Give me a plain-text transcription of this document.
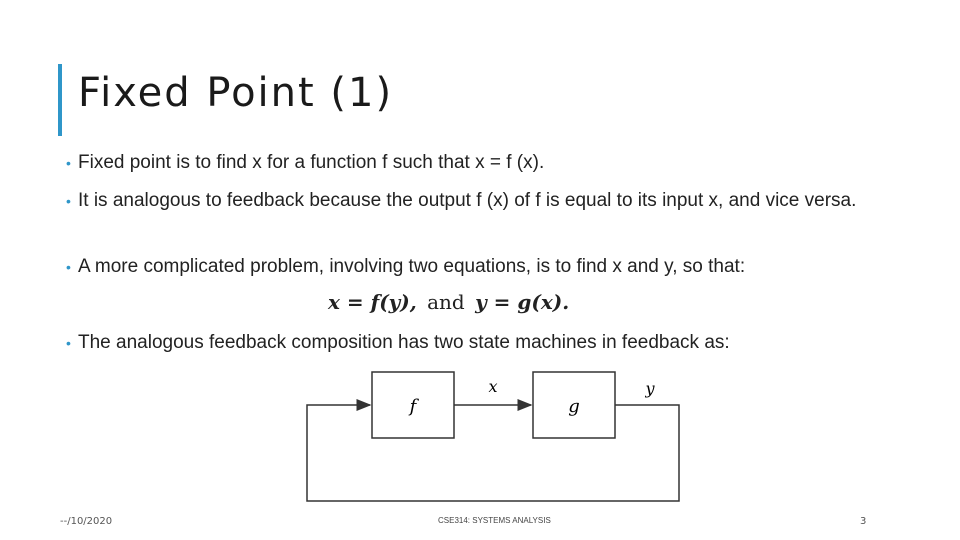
Fixed Point (1)
• Fixed point is to find x for a function f such that x = f (x).
• It is analogous to feedback because the output f (x) of f is equal to its input x, and vice versa.
• A more complicated problem, involving two equations, is to find x and y, so that:
• The analogous feedback composition has two state machines in feedback as:
x = f(y), and y = g(x).
f	g
x	y
--/10/2020	CSE314: SYSTEMS ANALYSIS	3
